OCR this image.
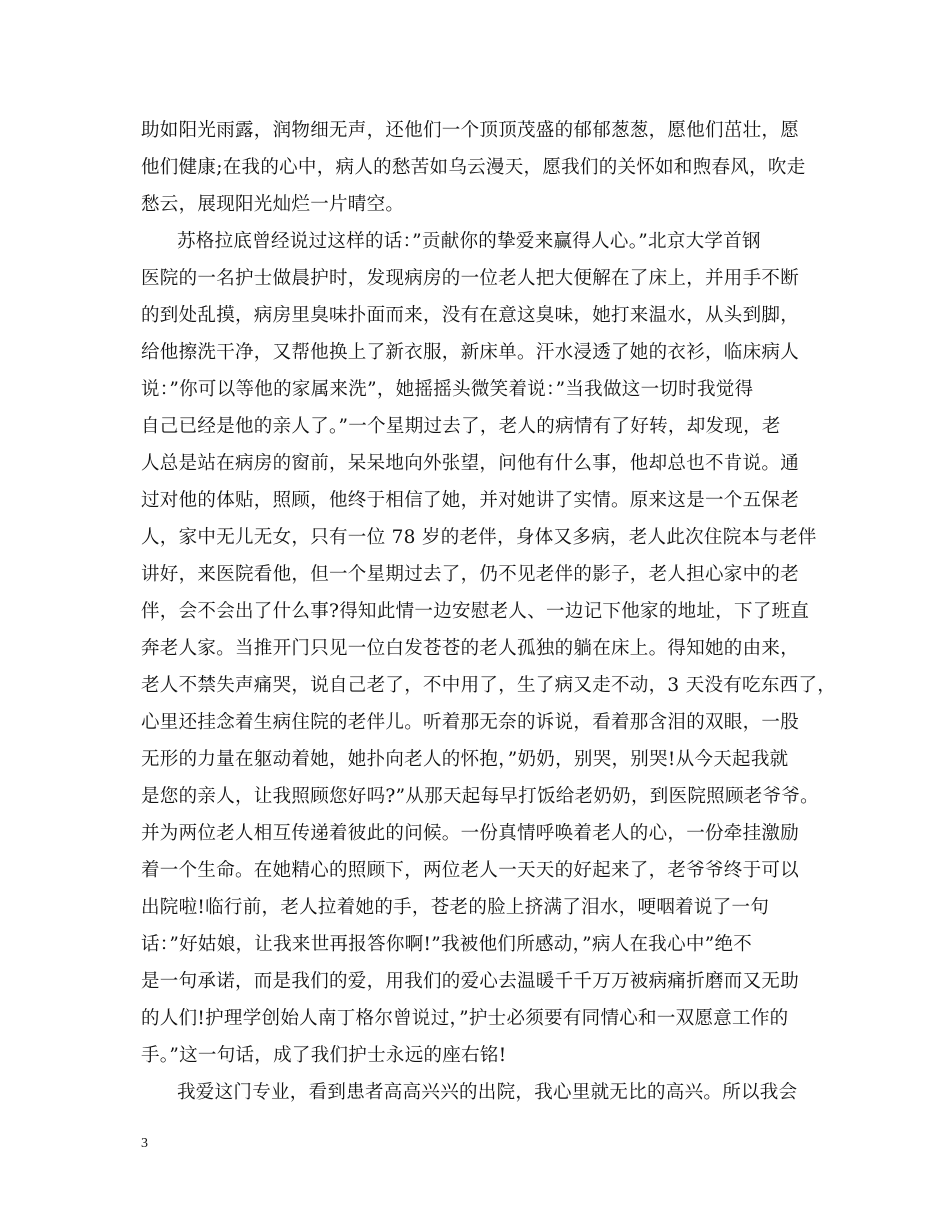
助如阳光雨露，润物细无声，还他们一个顶顶茂盛的郁郁葱葱，愿他们茁壮，愿

他们健康;在我的心中，病人的愁苦如乌云漫天，愿我们的关怀如和煦春风，吹走

愁云，展现阳光灿烂一片晴空。

苏格拉底曾经说过这样的话：”贡献你的挚爱来赢得人心。”北京大学首钢

医院的一名护士做晨护时，发现病房的一位老人把大便解在了床上，并用手不断

的到处乱摸，病房里臭味扑面而来，没有在意这臭味，她打来温水，从头到脚，

给他擦洗干净，又帮他换上了新衣服，新床单。汗水浸透了她的衣衫，临床病人

说：”你可以等他的家属来洗”，她摇摇头微笑着说：”当我做这一切时我觉得

自己已经是他的亲人了。”一个星期过去了，老人的病情有了好转，却发现，老

人总是站在病房的窗前，呆呆地向外张望，问他有什么事，他却总也不肯说。通

过对他的体贴，照顾，他终于相信了她，并对她讲了实情。原来这是一个五保老

人，家中无儿无女，只有一位 78 岁的老伴，身体又多病，老人此次住院本与老伴

讲好，来医院看他，但一个星期过去了，仍不见老伴的影子，老人担心家中的老

伴，会不会出了什么事?得知此情一边安慰老人、一边记下他家的地址，下了班直

奔老人家。当推开门只见一位白发苍苍的老人孤独的躺在床上。得知她的由来，

老人不禁失声痛哭，说自己老了，不中用了，生了病又走不动，3 天没有吃东西了，

心里还挂念着生病住院的老伴儿。听着那无奈的诉说，看着那含泪的双眼，一股

无形的力量在躯动着她，她扑向老人的怀抱，”奶奶，别哭，别哭!从今天起我就

是您的亲人，让我照顾您好吗?”从那天起每早打饭给老奶奶，到医院照顾老爷爷。

并为两位老人相互传递着彼此的问候。一份真情呼唤着老人的心，一份牵挂激励

着一个生命。在她精心的照顾下，两位老人一天天的好起来了，老爷爷终于可以

出院啦!临行前，老人拉着她的手，苍老的脸上挤满了泪水，哽咽着说了一句

话：”好姑娘，让我来世再报答你啊!”我被他们所感动，”病人在我心中”绝不

是一句承诺，而是我们的爱，用我们的爱心去温暖千千万万被病痛折磨而又无助

的人们!护理学创始人南丁格尔曾说过，”护士必须要有同情心和一双愿意工作的

手。”这一句话，成了我们护士永远的座右铭!

我爱这门专业，看到患者高高兴兴的出院，我心里就无比的高兴。所以我会

3
